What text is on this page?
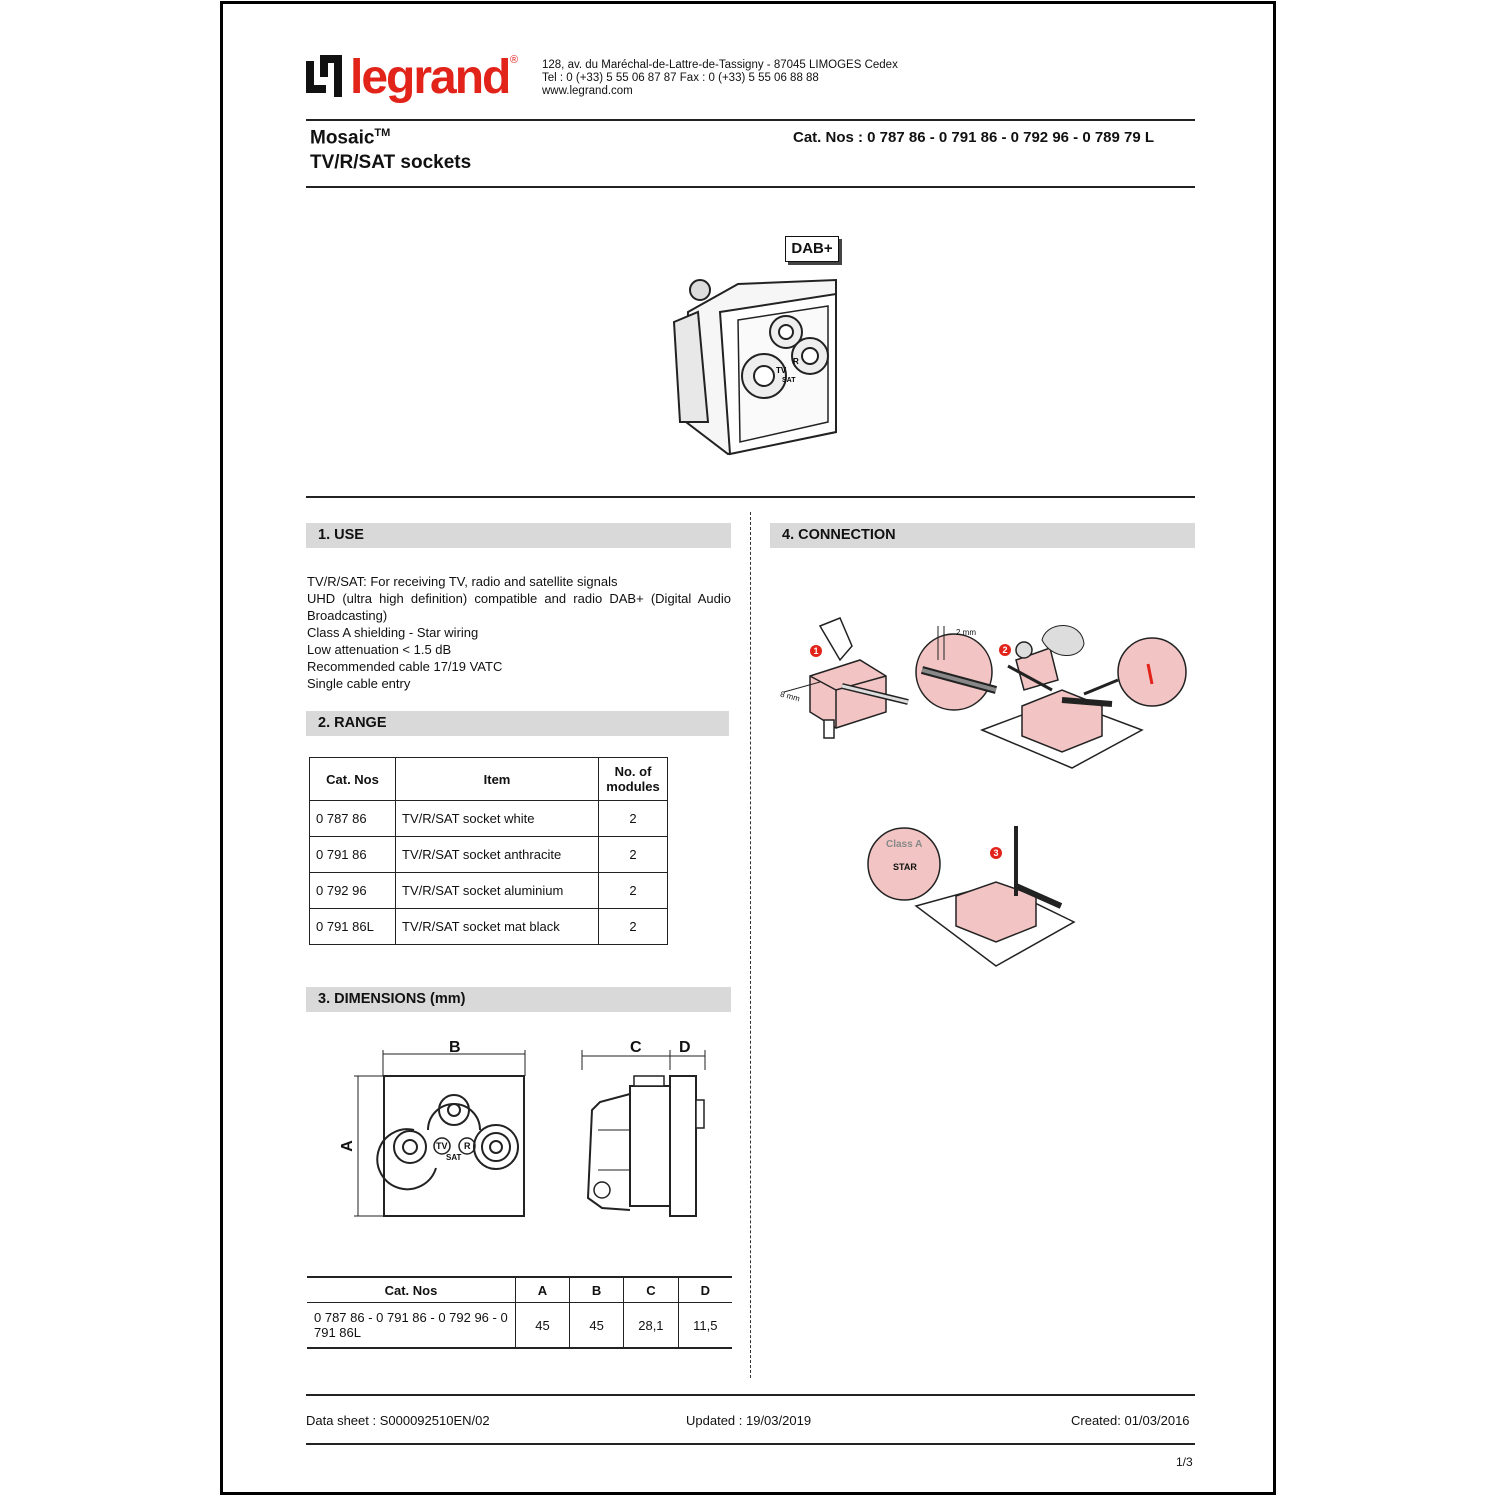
legrand ® 128, av. du Maréchal-de-Lattre-de-Tassigny - 87045 LIMOGES Cedex
Tel : 0 (+33) 5 55 06 87 87 Fax : 0 (+33) 5 55 06 88 88
www.legrand.com
Mosaic™
TV/R/SAT sockets
Cat. Nos : 0 787 86 - 0 791 86 - 0 792 96 - 0 789 79 L
DAB+
TV
SAT
R
1. USE
TV/R/SAT: For receiving TV, radio and satellite signals
UHD (ultra high definition) compatible and radio DAB+ (Digital Audio Broadcasting)
Class A shielding - Star wiring
Low attenuation < 1.5 dB
Recommended cable 17/19 VATC
Single cable entry
2. RANGE
Cat. Nos	Item	No. of modules
0 787 86	TV/R/SAT socket white	2
0 791 86	TV/R/SAT socket anthracite	2
0 792 96	TV/R/SAT socket aluminium	2
0 791 86L	TV/R/SAT socket mat black	2
3. DIMENSIONS (mm)
B
A	TV
SAT
R
C D
Cat. Nos	A	B	C	D
0 787 86 - 0 791 86 - 0 792 96 - 0 791 86L	45	45	28,1	11,5
4. CONNECTION
1
8 mm
2
2 mm
3
Class A
STAR
Data sheet : S000092510EN/02	Updated : 19/03/2019	Created: 01/03/2016
1/3
